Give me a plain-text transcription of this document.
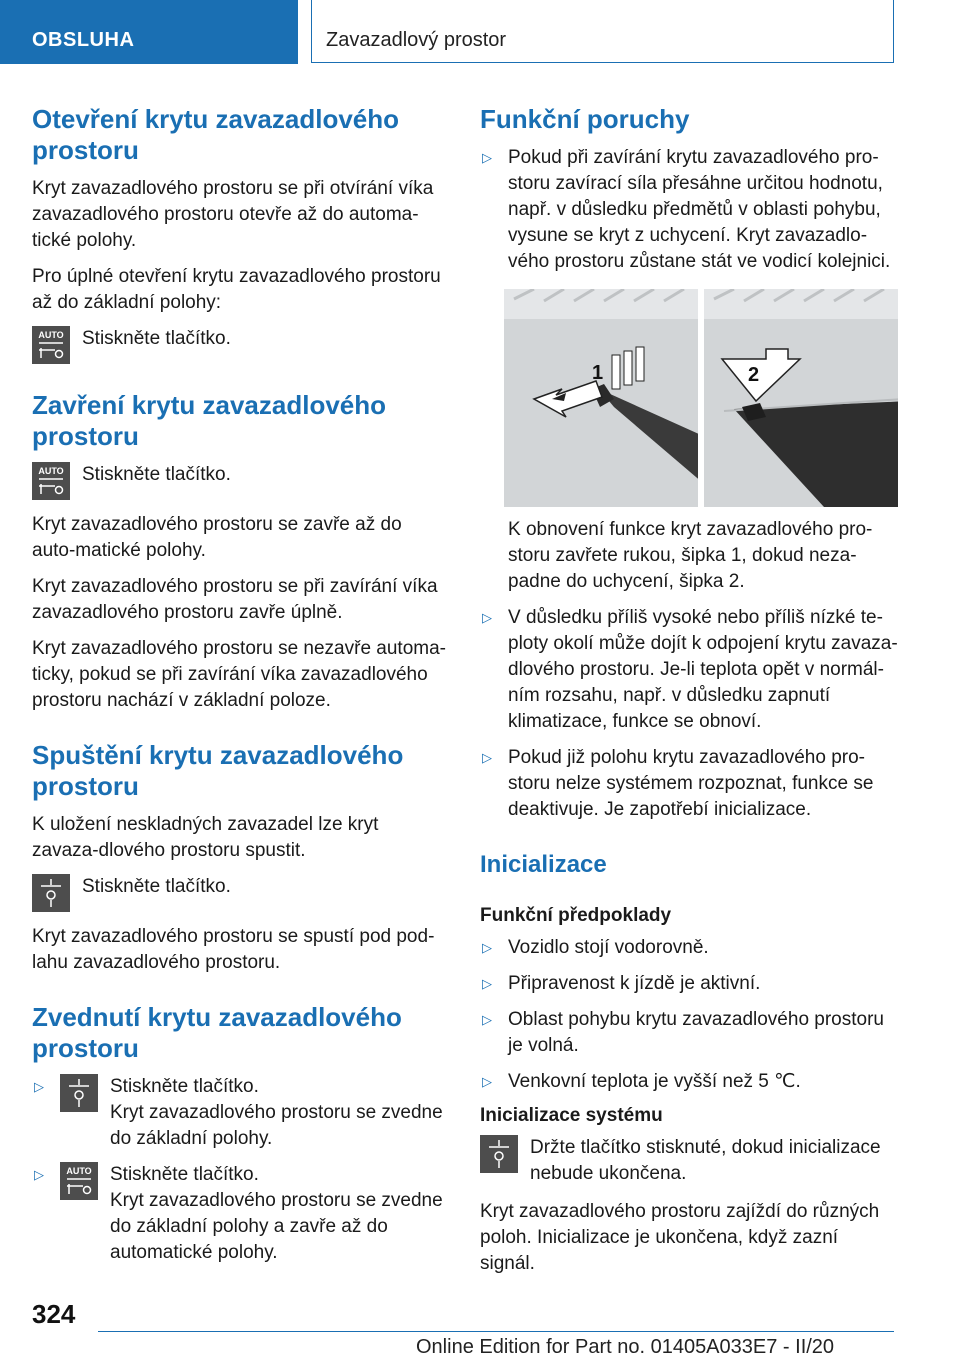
OBSLUHA	Zavazadlový prostor
Otevření krytu zavazadlového prostoru

Kryt zavazadlového prostoru se při otvírání víka zavazadlového prostoru otevře až do automa-tické polohy.

Pro úplné otevření krytu zavazadlového prostoru až do základní polohy:

AUTO Stiskněte tlačítko.

Zavření krytu zavazadlového prostoru
AUTO Stiskněte tlačítko.

Kryt zavazadlového prostoru se zavře až do auto-matické polohy.

Kryt zavazadlového prostoru se při zavírání víka zavazadlového prostoru zavře úplně.

Kryt zavazadlového prostoru se nezavře automa-ticky, pokud se při zavírání víka zavazadlového prostoru nachází v základní poloze.

Spuštění krytu zavazadlového prostoru

K uložení neskladných zavazadel lze kryt zavaza-dlového prostoru spustit.

Stiskněte tlačítko.

Kryt zavazadlového prostoru se spustí pod pod-lahu zavazadlového prostoru.

Zvednutí krytu zavazadlového prostoru
▷	Stiskněte tlačítko.
Kryt zavazadlového prostoru se zvedne do základní polohy.
▷ AUTO Stiskněte tlačítko.
Kryt zavazadlového prostoru se zvedne do základní polohy a zavře až do automatické polohy.
Funkční poruchy
▷ Pokud při zavírání krytu zavazadlového pro-storu zavírací síla přesáhne určitou hodnotu, např. v důsledku předmětů v oblasti pohybu, vysune se kryt z uchycení. Kryt zavazadlo-vého prostoru zůstane stát ve vodicí kolejnici.
1	2
K obnovení funkce kryt zavazadlového pro-storu zavřete rukou, šipka 1, dokud neza-padne do uchycení, šipka 2.
▷ V důsledku příliš vysoké nebo příliš nízké te-ploty okolí může dojít k odpojení krytu zavaza-dlového prostoru. Je-li teplota opět v normál-ním rozsahu, např. v důsledku zapnutí klimatizace, funkce se obnoví.
▷ Pokud již polohu krytu zavazadlového pro-storu nelze systémem rozpoznat, funkce se deaktivuje. Je zapotřebí inicializace.
Inicializace
Funkční předpoklady
▷ Vozidlo stojí vodorovně.
▷ Připravenost k jízdě je aktivní.
▷ Oblast pohybu krytu zavazadlového prostoru je volná.
▷ Venkovní teplota je vyšší než 5 ℃.
Inicializace systému

Držte tlačítko stisknuté, dokud inicializace nebude ukončena.

Kryt zavazadlového prostoru zajíždí do různých poloh. Inicializace je ukončena, když zazní signál.

324
Online Edition for Part no. 01405A033E7 - II/20
